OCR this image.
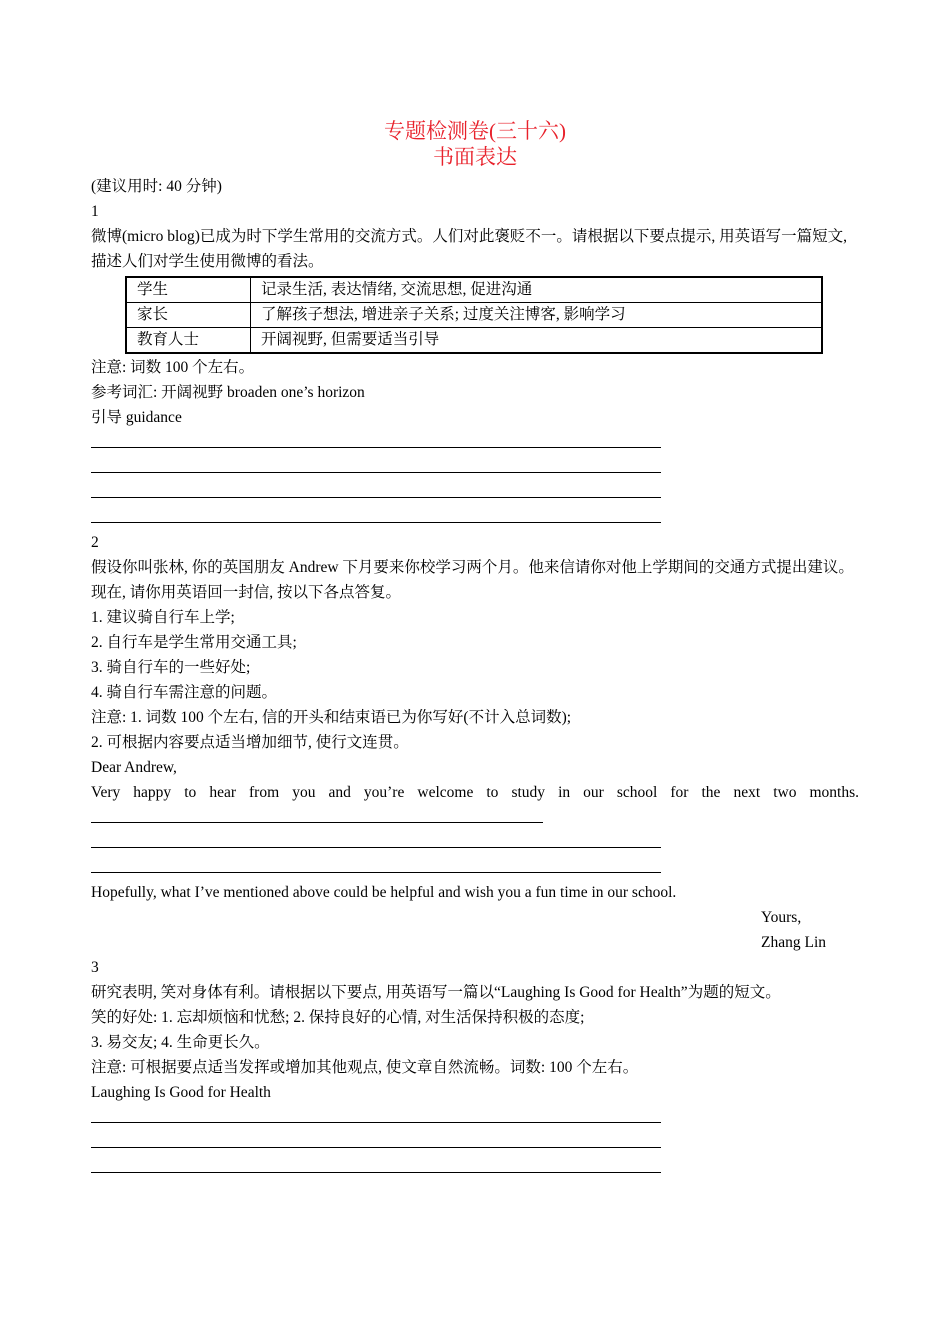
专题检测卷(三十六)

书面表达

(建议用时: 40 分钟)

1

微博(micro blog)已成为时下学生常用的交流方式。人们对此褒贬不一。请根据以下要点提示, 用英语写一篇短文, 描述人们对学生使用微博的看法。

学生	记录生活, 表达情绪, 交流思想, 促进沟通
家长	了解孩子想法, 增进亲子关系; 过度关注博客, 影响学习
教育人士	开阔视野, 但需要适当引导

注意: 词数 100 个左右。

参考词汇: 开阔视野 broaden one’s horizon

引导 guidance

2

假设你叫张林, 你的英国朋友 Andrew 下月要来你校学习两个月。他来信请你对他上学期间的交通方式提出建议。

现在, 请你用英语回一封信, 按以下各点答复。

1. 建议骑自行车上学;

2. 自行车是学生常用交通工具;

3. 骑自行车的一些好处;

4. 骑自行车需注意的问题。

注意: 1. 词数 100 个左右, 信的开头和结束语已为你写好(不计入总词数);

2. 可根据内容要点适当增加细节, 使行文连贯。

Dear Andrew,

Very happy to hear from you and you’re welcome to study in our school for the next two months.

Hopefully, what I’ve mentioned above could be helpful and wish you a fun time in our school.

Yours,

Zhang Lin

3

研究表明, 笑对身体有利。请根据以下要点, 用英语写一篇以“Laughing Is Good for Health”为题的短文。

笑的好处: 1. 忘却烦恼和忧愁; 2. 保持良好的心情, 对生活保持积极的态度;

3. 易交友; 4. 生命更长久。

注意: 可根据要点适当发挥或增加其他观点, 使文章自然流畅。词数: 100 个左右。

Laughing Is Good for Health
